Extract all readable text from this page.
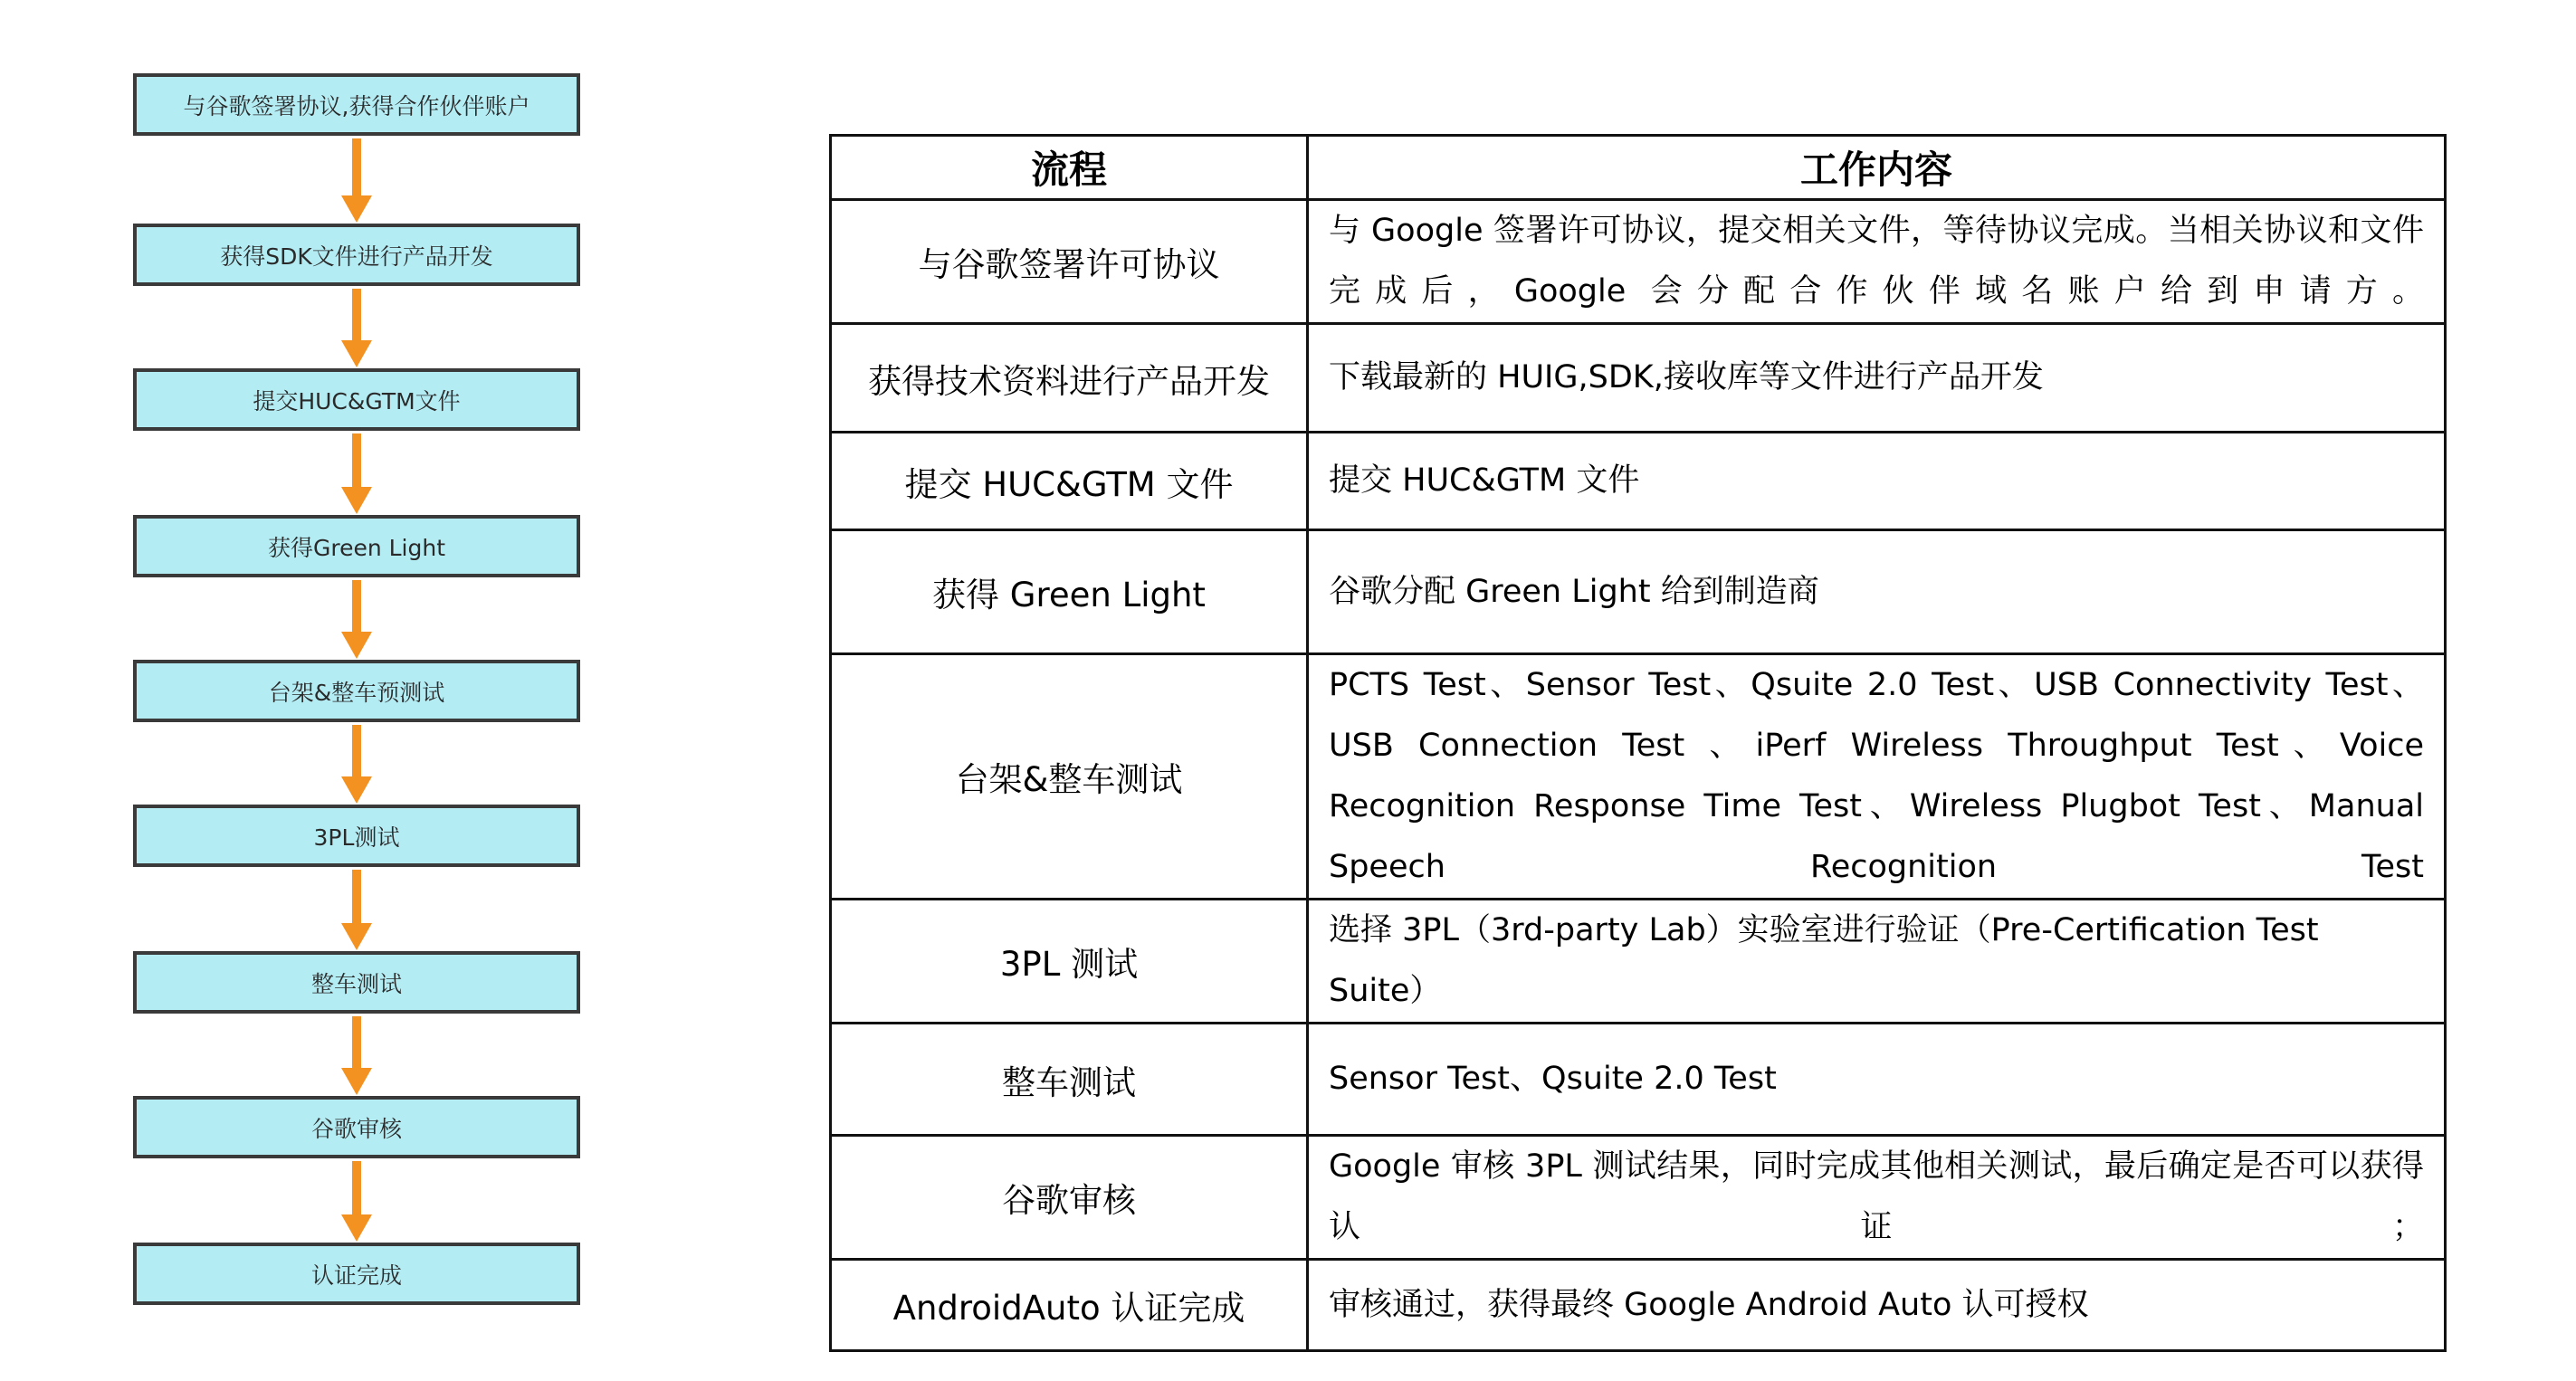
与谷歌签署协议,获得合作伙伴账户
获得SDK文件进行产品开发
提交HUC&GTM文件
获得Green Light
台架&整车预测试
3PL测试
整车测试
谷歌审核
认证完成
流程	工作内容
与谷歌签署许可协议	与 Google 签署许可协议，提交相关文件，等待协议完成。当相关协议和文件完成后，Google 会分配合作伙伴域名账户给到申请方。
获得技术资料进行产品开发	下载最新的 HUIG,SDK,接收库等文件进行产品开发
提交 HUC&GTM 文件	提交 HUC&GTM 文件
获得 Green Light	谷歌分配 Green Light 给到制造商
台架&整车测试	PCTS Test、Sensor Test、Qsuite 2.0 Test、USB Connectivity Test、USB Connection Test 、iPerf Wireless Throughput Test、Voice Recognition Response Time Test、Wireless Plugbot Test、Manual Speech Recognition Test
3PL 测试	选择 3PL（3rd-party Lab）实验室进行验证（Pre-Certification Test Suite）
整车测试	Sensor Test、Qsuite 2.0 Test
谷歌审核	Google 审核 3PL 测试结果，同时完成其他相关测试，最后确定是否可以获得认证；
AndroidAuto 认证完成	审核通过，获得最终 Google Android Auto 认可授权
